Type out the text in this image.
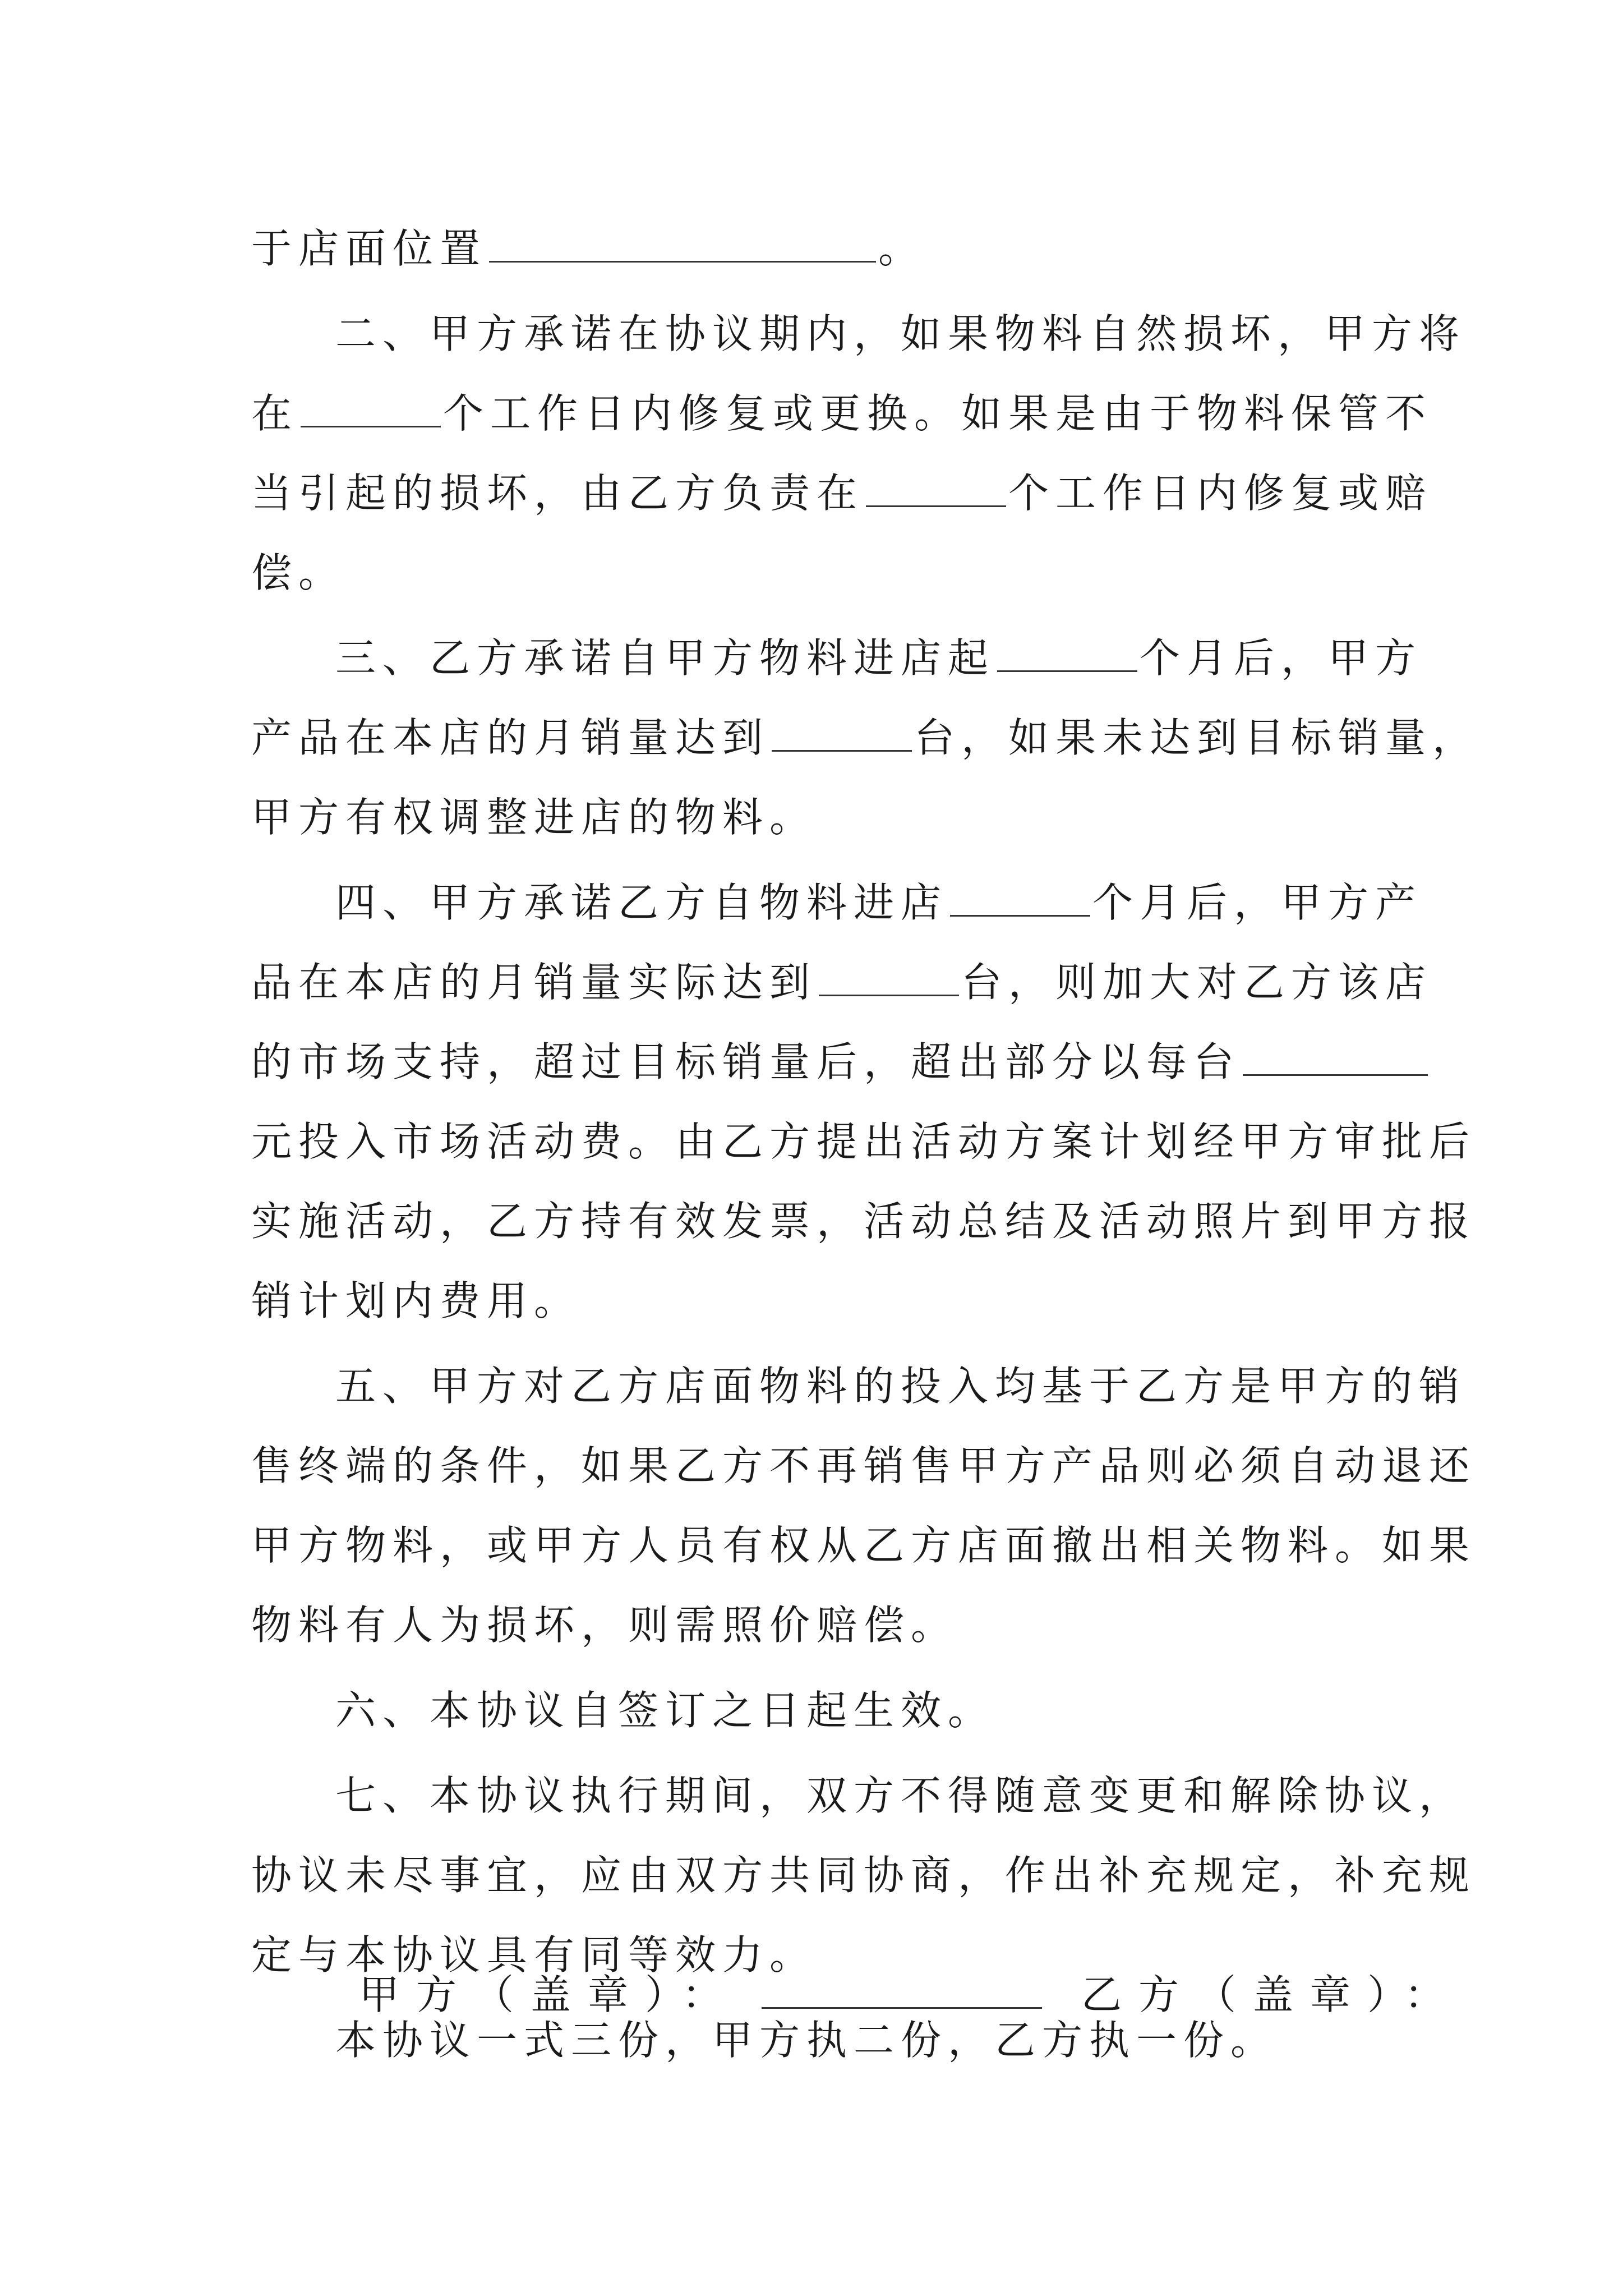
于店面位置	。
二、甲方承诺在协议期内，如果物料自然损坏，甲方将
在	个工作日内修复或更换。如果是由于物料保管不
当引起的损坏，由乙方负责在	个工作日内修复或赔
偿。
三、乙方承诺自甲方物料进店起	个月后，甲方
产品在本店的月销量达到	台，如果未达到目标销量，
甲方有权调整进店的物料。
四、甲方承诺乙方自物料进店	个月后，甲方产
品在本店的月销量实际达到	台，则加大对乙方该店
的市场支持，超过目标销量后，超出部分以每台
元投入市场活动费。由乙方提出活动方案计划经甲方审批后
实施活动，乙方持有效发票，活动总结及活动照片到甲方报
销计划内费用。
五、甲方对乙方店面物料的投入均基于乙方是甲方的销
售终端的条件，如果乙方不再销售甲方产品则必须自动退还
甲方物料，或甲方人员有权从乙方店面撤出相关物料。如果
物料有人为损坏，则需照价赔偿。
六、本协议自签订之日起生效。
七、本协议执行期间，双方不得随意变更和解除协议，
协议未尽事宜，应由双方共同协商，作出补充规定，补充规
定与本协议具有同等效力。
本协议一式三份，甲方执二份，乙方执一份。
甲方（盖章）：	乙方（盖章）：
